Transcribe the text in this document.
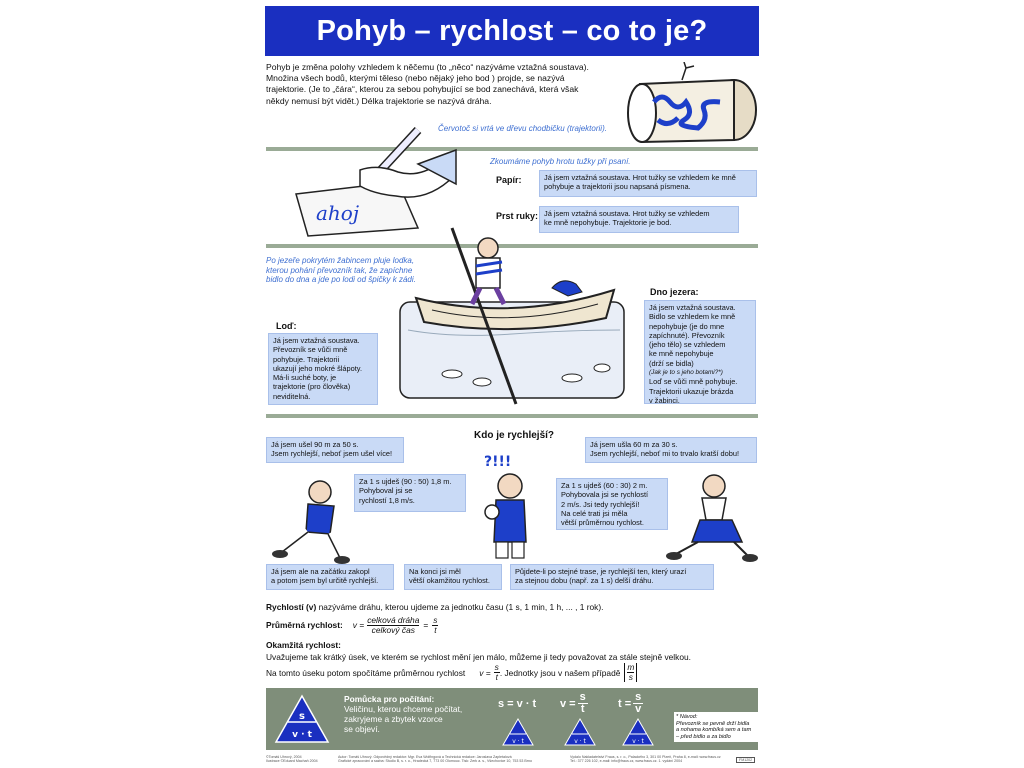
Pohyb – rychlost – co to je?
Pohyb je změna polohy vzhledem k něčemu (to „něco“ nazýváme vztažná soustava).
Množina všech bodů, kterými těleso (nebo nějaký jeho bod ) projde, se nazývá
trajektorie. (Je to „čára“, kterou za sebou pohybující se bod zanechává, která však
někdy nemusí být vidět.) Délka trajektorie se nazývá dráha.
Červotoč si vrtá ve dřevu chodbičku (trajektorii).
ahoj
Zkoumáme pohyb hrotu tužky při psaní.
Papír:	Já jsem vztažná soustava. Hrot tužky se vzhledem ke mně
pohybuje a trajektorii jsou napsaná písmena.
Prst ruky: Já jsem vztažná soustava. Hrot tužky se vzhledem
ke mně nepohybuje. Trajektorie je bod.
Po jezeře pokrytém žabincem pluje lodka,
kterou pohání převozník tak, že zapíchne
bidlo do dna a jde po lodi od špičky k zádi.
Loď:
Já jsem vztažná soustava.
Převozník se vůči mně
pohybuje. Trajektorii
ukazují jeho mokré šlápoty.
Má-li suché boty, je
trajektorie (pro člověka)
neviditelná.
Dno jezera:
Já jsem vztažná soustava.
Bidlo se vzhledem ke mně
nepohybuje (je do mne
zapíchnuté). Převozník
(jeho tělo) se vzhledem
ke mně nepohybuje
(drží se bidla)
(Jak je to s jeho botami?*)
Loď se vůči mně pohybuje.
Trajektorii ukazuje brázda
v žabinci.
Kdo je rychlejší?
Já jsem ušel 90 m za 50 s.
Jsem rychlejší, neboť jsem ušel více!
Já jsem ušla 60 m za 30 s.
Jsem rychlejší, neboť mi to trvalo kratší dobu!
Za 1 s ujdeš (90 : 50) 1,8 m.
Pohyboval jsi se
rychlostí 1,8 m/s.
Za 1 s ujdeš (60 : 30) 2 m.
Pohybovala jsi se rychlostí
2 m/s. Jsi tedy rychlejší!
Na celé trati jsi měla
větší průměrnou rychlost.
?!!!
Já jsem ale na začátku zakopl
a potom jsem byl určitě rychlejší.
Na konci jsi měl
větší okamžitou rychlost.
Půjdete-li po stejné trase, je rychlejší ten, který urazí
za stejnou dobu (např. za 1 s) delší dráhu.
Rychlostí (v) nazýváme dráhu, kterou ujdeme za jednotku času (1 s, 1 min, 1 h, ... , 1 rok).
Průměrná rychlost: v = celková dráha
celkový čas
= $\frac{s}{t}$
Okamžitá rychlost:
Uvažujeme tak krátký úsek, ve kterém se rychlost mění jen málo, můžeme ji tedy považovat za stále stejně velkou.
Na tomto úseku potom spočítáme průměrnou rychlost $v = \frac{s}{t}$ . Jednotky jsou v našem případě
m
s
s
v · t
Pomůcka pro počítání:
Veličinu, kterou chceme počítat,
zakryjeme a zbytek vzorce
se objeví.
s = v · t
v · t
$v = \frac{s}{t}$
v · t
$t = \frac{s}{v}$
v · t
* Návod:
Převozník se pevně drží bidla
a nohama kombíká sem a tam
– před bidlo a za bidlo
©Tomáš Uhrový, 2004
Ilustrace ©Eduard Machaň 2004
Autor: Tomáš Uhrový. Odpovědný redaktor: Mgr. Eva Wolfingová a Technická redakce: Jaroslava Zapletalová
Grafické zpracování a sazba: Studio B, s. r. o., Hradecká 7, 773 00 Olomouc. Tisk: Zerk a. s., Všechovice 10, 753 53 Brno
Vydalo Nakladatelství Fraus, s. r. o., Palackého 3, 301 00 Plzeň, Praha 8, e-mail: www.fraus.cz
Tel.: 377 226 102, e-mail: info@fraus.cz, www.fraus.cz. 1. vydání 2004	FM1202
